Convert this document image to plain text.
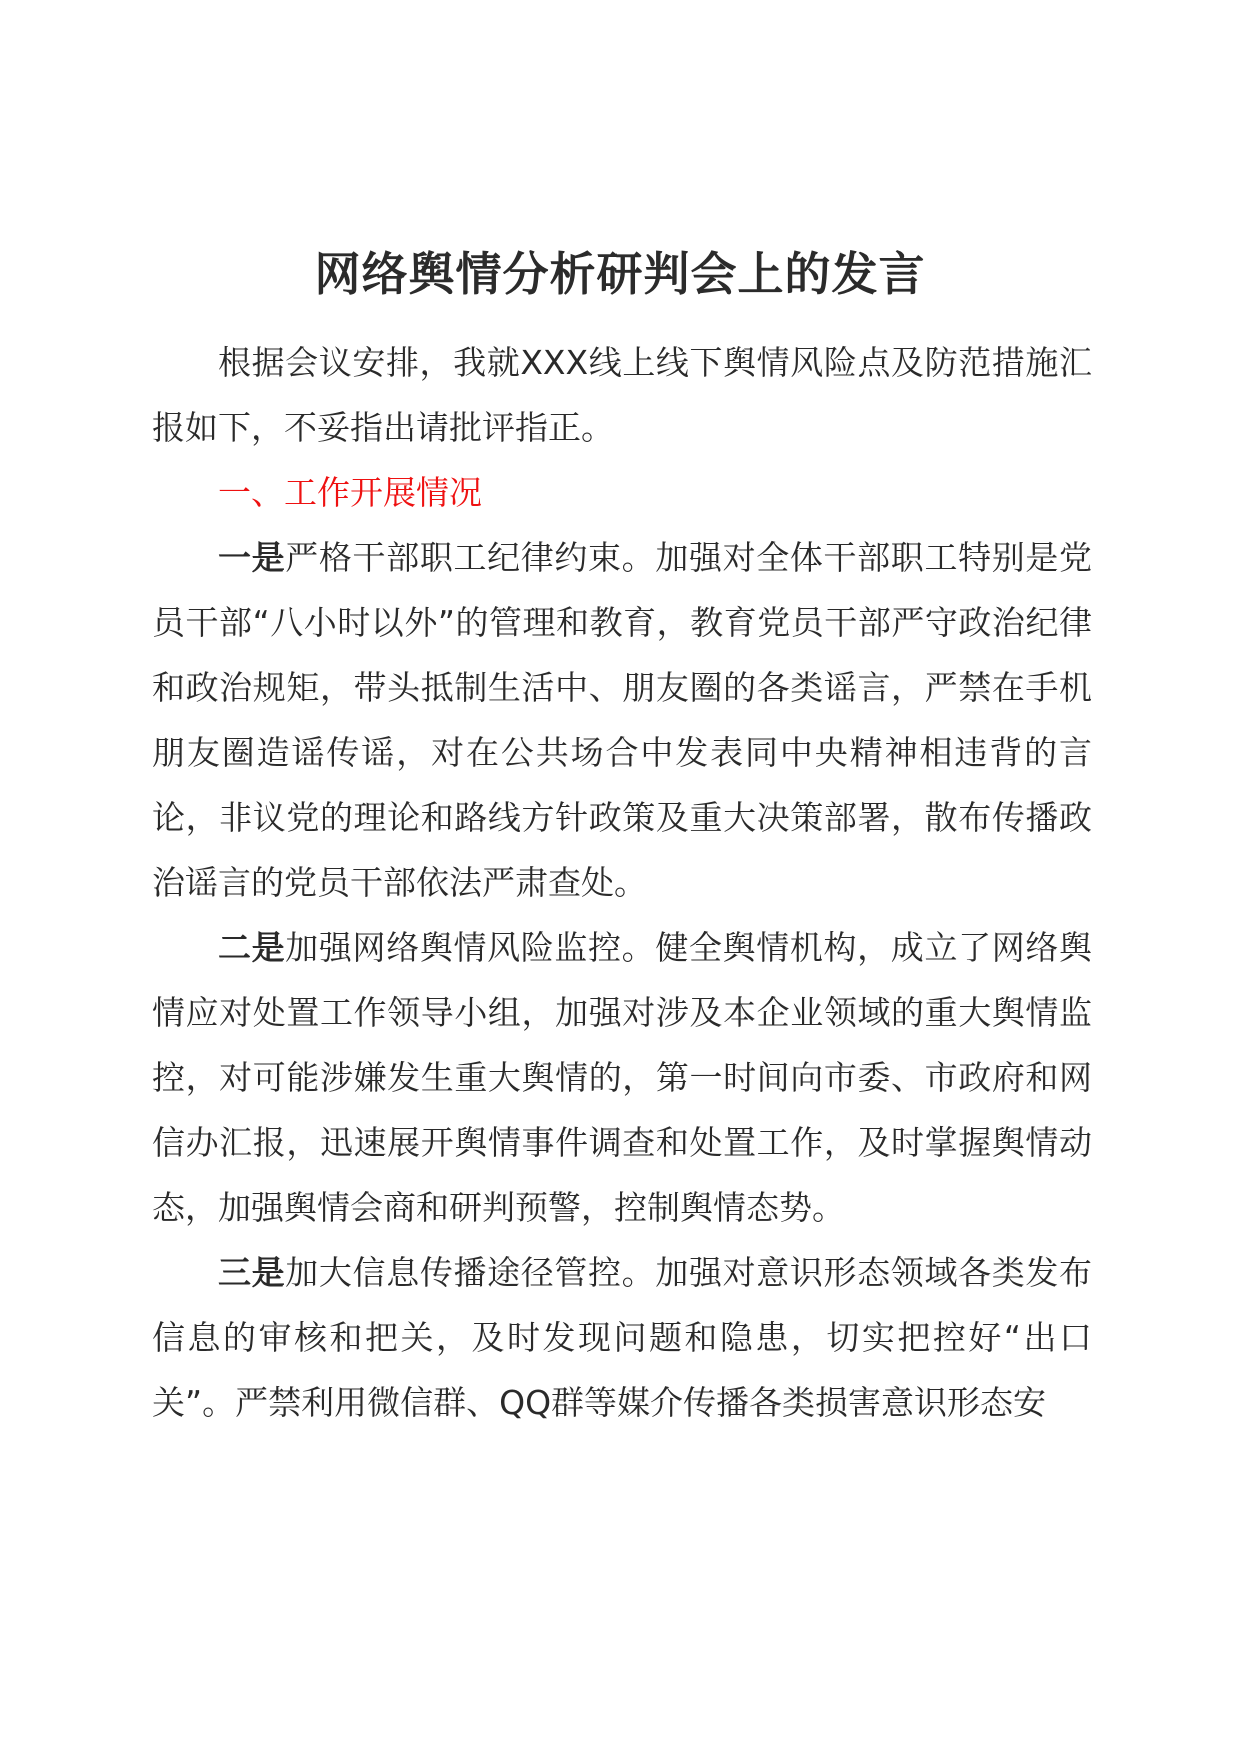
网络舆情分析研判会上的发言

根据会议安排，我就XXX线上线下舆情风险点及防范措施汇报如下，不妥指出请批评指正。

一、工作开展情况

一是严格干部职工纪律约束。加强对全体干部职工特别是党员干部“八小时以外”的管理和教育，教育党员干部严守政治纪律和政治规矩，带头抵制生活中、朋友圈的各类谣言，严禁在手机朋友圈造谣传谣，对在公共场合中发表同中央精神相违背的言论，非议党的理论和路线方针政策及重大决策部署，散布传播政治谣言的党员干部依法严肃查处。

二是加强网络舆情风险监控。健全舆情机构，成立了网络舆情应对处置工作领导小组，加强对涉及本企业领域的重大舆情监控，对可能涉嫌发生重大舆情的，第一时间向市委、市政府和网信办汇报，迅速展开舆情事件调查和处置工作，及时掌握舆情动态，加强舆情会商和研判预警，控制舆情态势。

三是加大信息传播途径管控。加强对意识形态领域各类发布信息的审核和把关，及时发现问题和隐患，切实把控好“出口关”。严禁利用微信群、QQ群等媒介传播各类损害意识形态安
